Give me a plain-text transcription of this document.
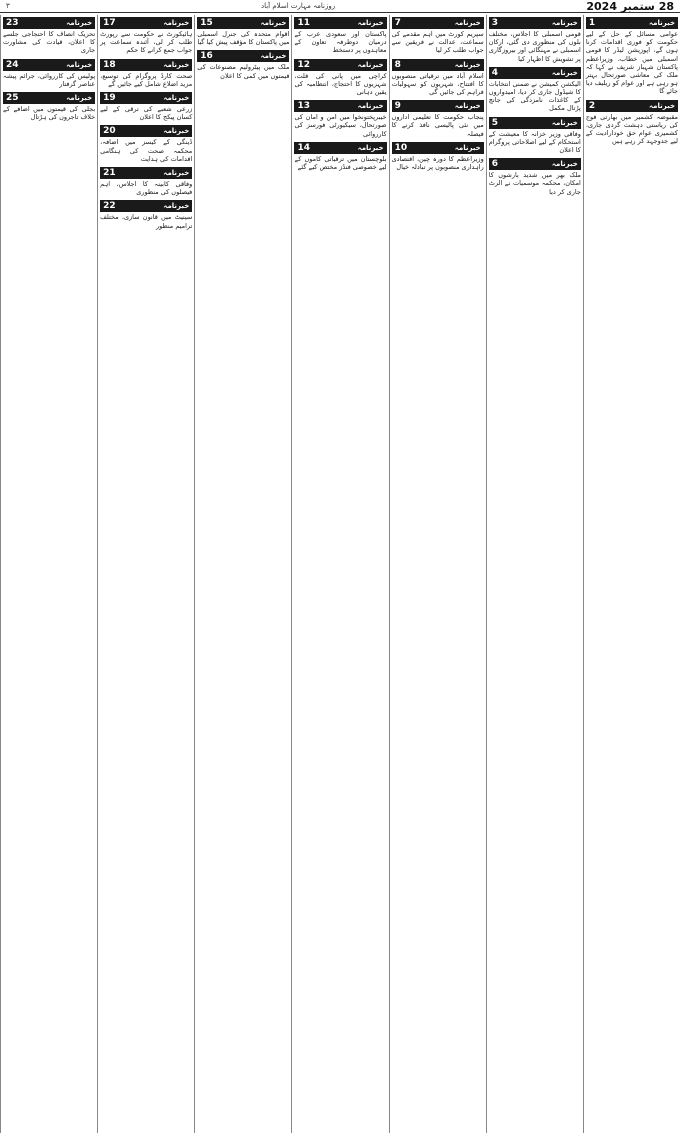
۳	روزنامہ مہارت اسلام آباد	28 ستمبر 2024
خبرنامہ
1
عوامی مسائل کے حل کے لیے حکومت کو فوری اقدامات کرنا ہوں گے، اپوزیشن لیڈر کا قومی اسمبلی میں خطاب، وزیراعظم پاکستان شہباز شریف نے کہا کہ ملک کی معاشی صورتحال بہتر ہو رہی ہے اور عوام کو ریلیف دیا جائے گا
خبرنامہ
2
مقبوضہ کشمیر میں بھارتی فوج کی ریاستی دہشت گردی جاری، کشمیری عوام حق خودارادیت کے لیے جدوجہد کر رہے ہیں
خبرنامہ
3
قومی اسمبلی کا اجلاس، مختلف بلوں کی منظوری دی گئی، ارکان اسمبلی نے مہنگائی اور بیروزگاری پر تشویش کا اظہار کیا
خبرنامہ
4
الیکشن کمیشن نے ضمنی انتخابات کا شیڈول جاری کر دیا، امیدواروں کے کاغذات نامزدگی کی جانچ پڑتال مکمل
خبرنامہ
5
وفاقی وزیر خزانہ کا معیشت کے استحکام کے لیے اصلاحاتی پروگرام کا اعلان
خبرنامہ
6
ملک بھر میں شدید بارشوں کا امکان، محکمہ موسمیات نے الرٹ جاری کر دیا
خبرنامہ
7
سپریم کورٹ میں اہم مقدمے کی سماعت، عدالت نے فریقین سے جواب طلب کر لیا
خبرنامہ
8
اسلام آباد میں ترقیاتی منصوبوں کا افتتاح، شہریوں کو سہولیات فراہم کی جائیں گی
خبرنامہ
9
پنجاب حکومت کا تعلیمی اداروں میں نئی پالیسی نافذ کرنے کا فیصلہ
خبرنامہ
10
وزیراعظم کا دورہ چین، اقتصادی راہداری منصوبوں پر تبادلہ خیال
خبرنامہ
11
پاکستان اور سعودی عرب کے درمیان دوطرفہ تعاون کے معاہدوں پر دستخط
خبرنامہ
12
کراچی میں پانی کی قلت، شہریوں کا احتجاج، انتظامیہ کی یقین دہانی
خبرنامہ
13
خیبرپختونخوا میں امن و امان کی صورتحال، سیکیورٹی فورسز کی کارروائی
خبرنامہ
14
بلوچستان میں ترقیاتی کاموں کے لیے خصوصی فنڈز مختص کیے گئے
خبرنامہ
15
اقوام متحدہ کی جنرل اسمبلی میں پاکستان کا مؤقف پیش کیا گیا
خبرنامہ
16
ملک میں پیٹرولیم مصنوعات کی قیمتوں میں کمی کا اعلان
خبرنامہ
17
ہائیکورٹ نے حکومت سے رپورٹ طلب کر لی، آئندہ سماعت پر جواب جمع کرانے کا حکم
خبرنامہ
18
صحت کارڈ پروگرام کی توسیع، مزید اضلاع شامل کیے جائیں گے
خبرنامہ
19
زرعی شعبے کی ترقی کے لیے کسان پیکج کا اعلان
خبرنامہ
20
ڈینگی کے کیسز میں اضافہ، محکمہ صحت کی ہنگامی اقدامات کی ہدایت
خبرنامہ
21
وفاقی کابینہ کا اجلاس، اہم فیصلوں کی منظوری
خبرنامہ
22
سینیٹ میں قانون سازی، مختلف ترامیم منظور
خبرنامہ
23
تحریک انصاف کا احتجاجی جلسے کا اعلان، قیادت کی مشاورت جاری
خبرنامہ
24
پولیس کی کارروائی، جرائم پیشہ عناصر گرفتار
خبرنامہ
25
بجلی کی قیمتوں میں اضافے کے خلاف تاجروں کی ہڑتال
